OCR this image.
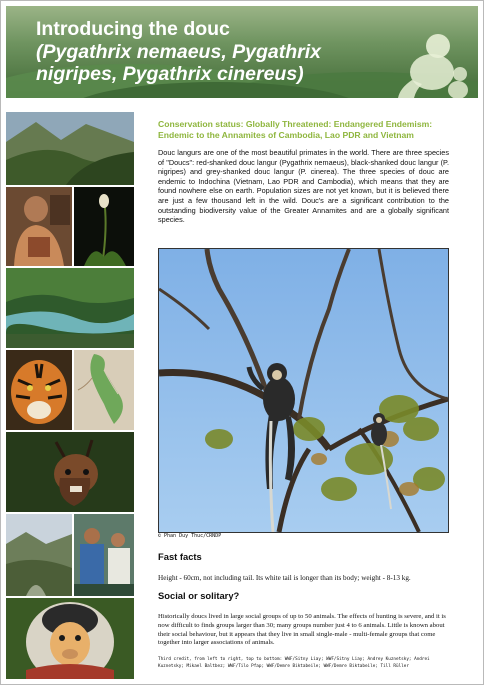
Introducing the douc
(Pygathrix nemaeus, Pygathrix nigripes, Pygathrix cinereus)

Conservation status: Globally Threatened: Endangered Endemism: Endemic to the Annamites of Cambodia, Lao PDR and Vietnam

Douc langurs are one of the most beautiful primates in the world. There are three species of "Doucs": red-shanked douc langur (Pygathrix nemaeus), black-shanked douc langur (P. nigripes) and grey-shanked douc langur (P. cinerea). The three species of douc are endemic to Indochina (Vietnam, Lao PDR and Cambodia), which means that they are found nowhere else on earth. Population sizes are not yet known, but it is believed there are just a few thousand left in the wild. Douc's are a significant contribution to the outstanding biodiversity value of the Greater Annamites and are a globally significant species.

© Phan Duy Thuc/CRNDP
Fast facts

Height - 60cm, not including tail. Its white tail is longer than its body; weight - 8-13 kg.

Social or solitary?

Historically doucs lived in large social groups of up to 50 animals. The effects of hunting is severe, and it is now difficult to finds groups larger than 30; many groups number just 4 to 6 animals. Little is known about their social behaviour, but it appears that they live in small single-male - multi-female groups that come together into larger associations of animals.

Third credit, from left to right, top to bottom: WWF/Sitny Liay; WWF/Sitny Liay; Andrey Kuznetsky; Andrei Kuznetsky; Mikael Baltbez; WWF/Tilo Pfap; WWF/Demre Biktabeile; WWF/Demre Biktabeile; Till Rüller
